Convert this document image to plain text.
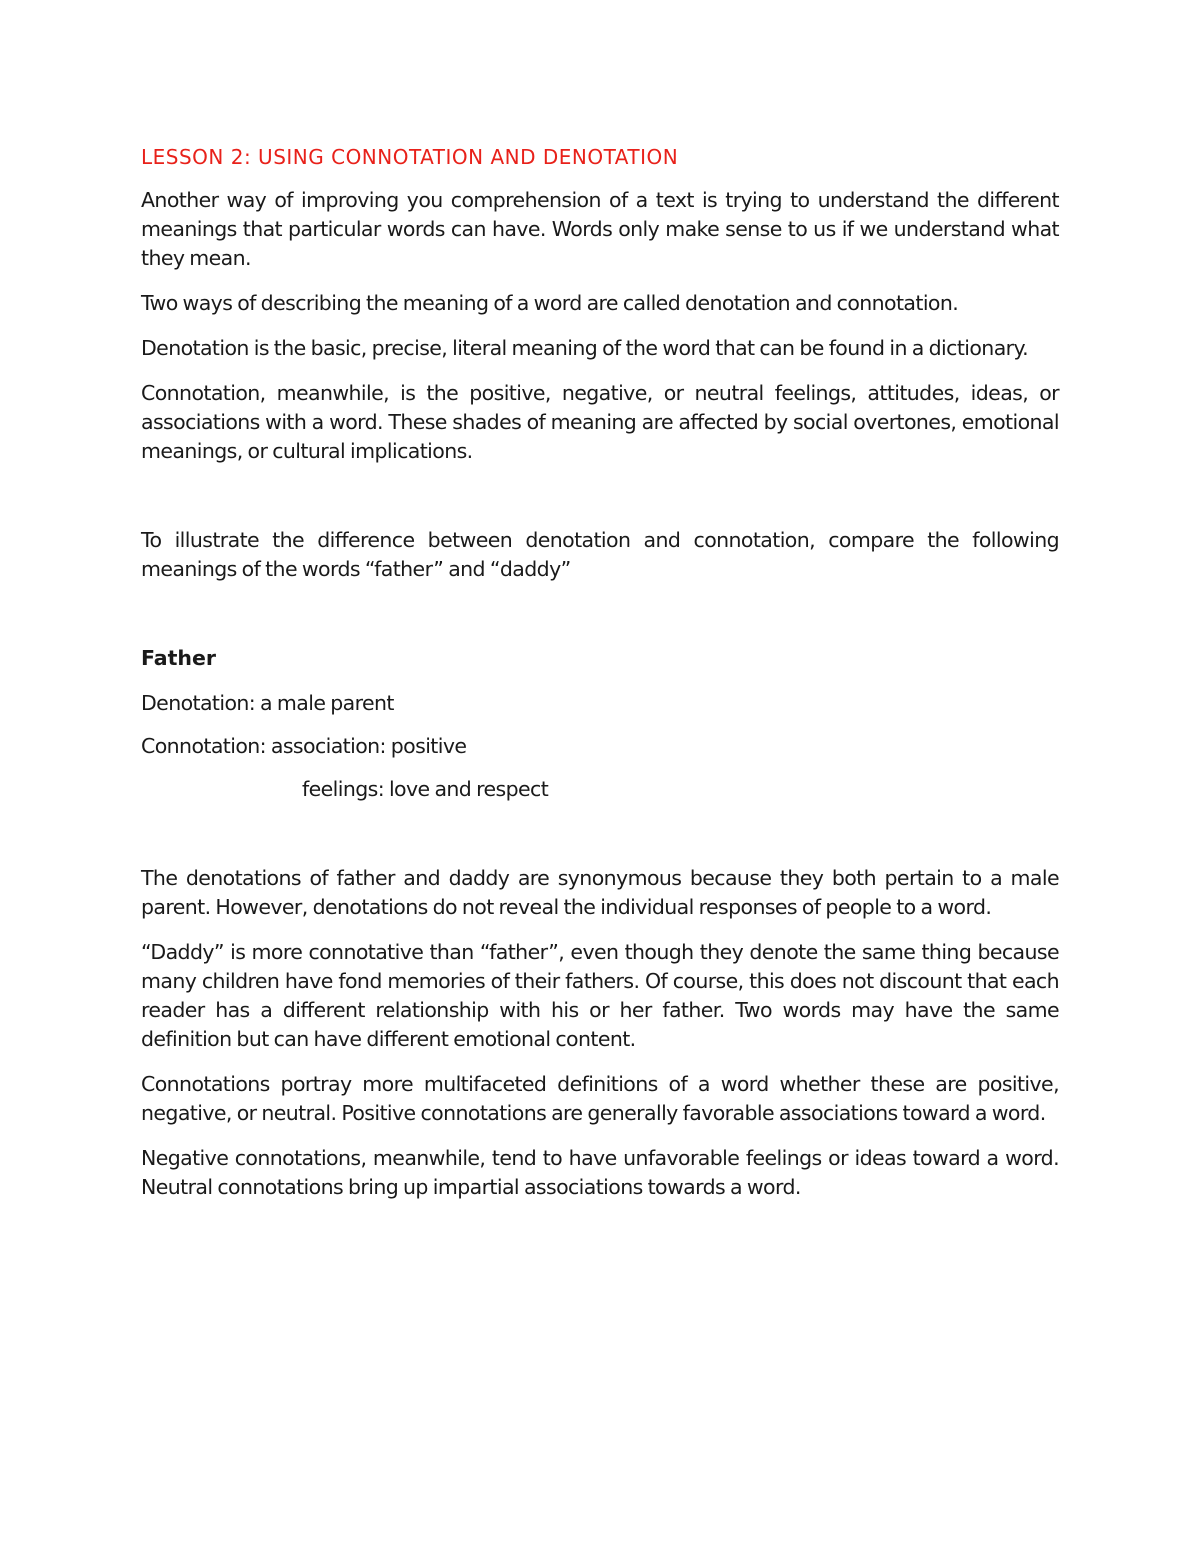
LESSON 2: USING CONNOTATION AND DENOTATION

Another way of improving you comprehension of a text is trying to understand the different meanings that particular words can have. Words only make sense to us if we understand what they mean.

Two ways of describing the meaning of a word are called denotation and connotation.

Denotation is the basic, precise, literal meaning of the word that can be found in a dictionary.

Connotation, meanwhile, is the positive, negative, or neutral feelings, attitudes, ideas, or associations with a word. These shades of meaning are affected by social overtones, emotional meanings, or cultural implications.

To illustrate the difference between denotation and connotation, compare the following meanings of the words “father” and “daddy”

Father

Denotation: a male parent

Connotation: association: positive

feelings: love and respect

The denotations of father and daddy are synonymous because they both pertain to a male parent. However, denotations do not reveal the individual responses of people to a word.

“Daddy” is more connotative than “father”, even though they denote the same thing because many children have fond memories of their fathers. Of course, this does not discount that each reader has a different relationship with his or her father. Two words may have the same definition but can have different emotional content.

Connotations portray more multifaceted definitions of a word whether these are positive, negative, or neutral. Positive connotations are generally favorable associations toward a word.

Negative connotations, meanwhile, tend to have unfavorable feelings or ideas toward a word. Neutral connotations bring up impartial associations towards a word.
